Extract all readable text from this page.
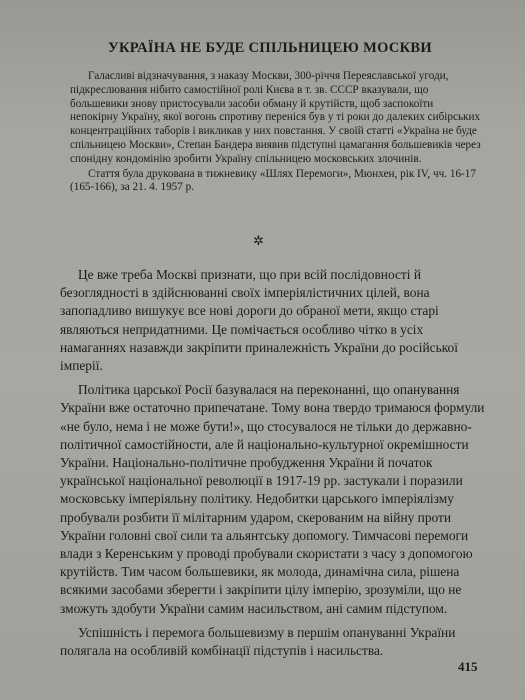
УКРАЇНА НЕ БУДЕ СПІЛЬНИЦЕЮ МОСКВИ

Галасливі відзначування, з наказу Москви, 300-річчя Переяславської угоди, підкреслювання нібито самостійної ролі Києва в т. зв. СССР вказували, що большевики знову пристосували засоби обману й крутійств, щоб заспокоїти непокірну Україну, якої вогонь спротиву переніся був у ті роки до далеких сибірських концентраційних таборів і викликав у них повстання. У своїй статті «Україна не буде спільницею Москви», Степан Бандера виявив підступні цамагання большевиків через спонідну кондомінію зробити Україну спільницею московських злочинів.

Стаття була друкована в тижневику «Шлях Перемоги», Мюнхен, рік IV, чч. 16-17 (165-166), за 21. 4. 1957 р.

✲

Це вже треба Москві признати, що при всій послідовності й безоглядності в здійснюванні своїх імперіялістичних цілей, вона запопадливо вишукує все нові дороги до обраної мети, якщо старі являються непридатними. Це помічається особливо чітко в усіх намаганнях назавжди закріпити приналежність України до російської імперії.

Політика царської Росії базувалася на переконанні, що опанування України вже остаточно припечатане. Тому вона твердо тримаюся формули «не було, нема і не може бути!», що стосувалося не тільки до державно-політичної самостійности, але й національно-культурної окремішности України. Національно-політичне пробудження України й початок української національної революції в 1917-19 рр. застукали і поразили московську імперіяльну політику. Недобитки царського імперіялізму пробували розбити її мілітарним ударом, скерованим на війну проти України головні свої сили та альянтську допомогу. Тимчасові перемоги влади з Керенським у проводі пробували скористати з часу з допомогою крутійств. Тим часом большевики, як молода, динамічна сила, рішена всякими засобами зберегти і закріпити цілу імперію, зрозуміли, що не зможуть здобути України самим насильством, ані самим підступом.

Успішність і перемога большевизму в першім опануванні України полягала на особливій комбінації підступів і насильства.

415
